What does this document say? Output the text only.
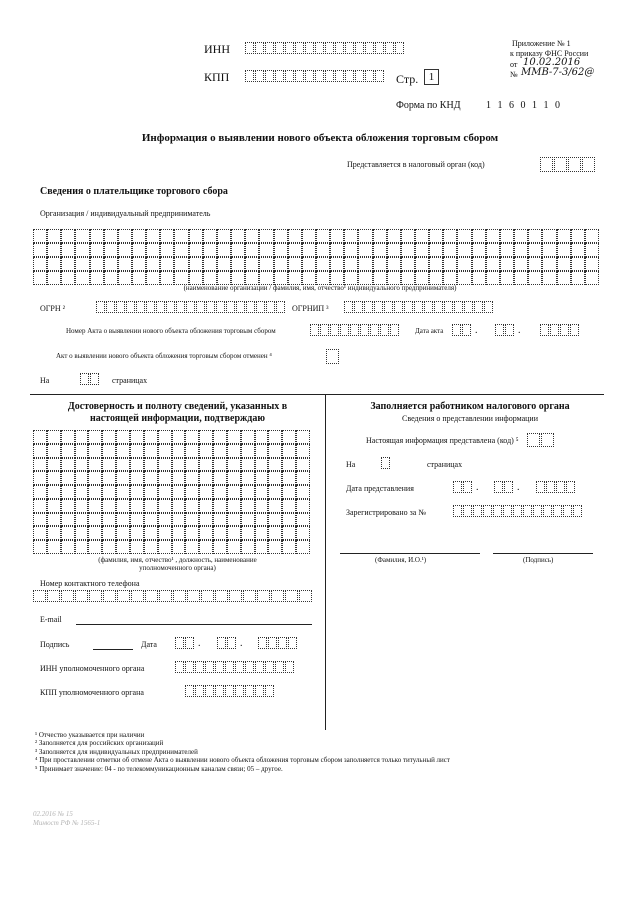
ИНН
КПП	Стр. 1
Приложение № 1
к приказу ФНС России
от 10.02.2016
№ ММВ-7-3/62@
Форма по КНД	1 1 6 0 1 1 0
Информация о выявлении нового объекта обложения торговым сбором
Представляется в налоговый орган (код)
Сведения о плательщике торгового сбора
Организация / индивидуальный предприниматель
(наименование организации / фамилия, имя, отчество¹ индивидуального предпринимателя)
ОГРН ²	ОГРНИП ³
Номер Акта о выявлении нового объекта обложения торговым сбором	Дата акта	.	.
Акт о выявлении нового объекта обложения торговым сбором отменен ⁴
На	страницах
Достоверность и полноту сведений, указанных в
настоящей информации, подтверждаю
(фамилия, имя, отчество¹ , должность, наименование
уполномоченного органа)
Номер контактного телефона
E-mail
Подпись	Дата	.	.
ИНН уполномоченного органа
КПП уполномоченного органа
Заполняется работником налогового органа
Сведения о представлении информации
Настоящая информация представлена (код) ⁵
На	страницах
Дата представления	.	.
Зарегистрировано за №
(Фамилия, И.О.¹)	(Подпись)
¹ Отчество указывается при наличии
² Заполняется для российских организаций
³ Заполняется для индивидуальных предпринимателей
⁴ При проставлении отметки об отмене Акта о выявлении нового объекта обложения торговым сбором заполняется только титульный лист
⁵ Принимает значение: 04 - по телекоммуникационным каналам связи; 05 – другое.
02.2016 № 15
Минюст РФ № 1565-1
